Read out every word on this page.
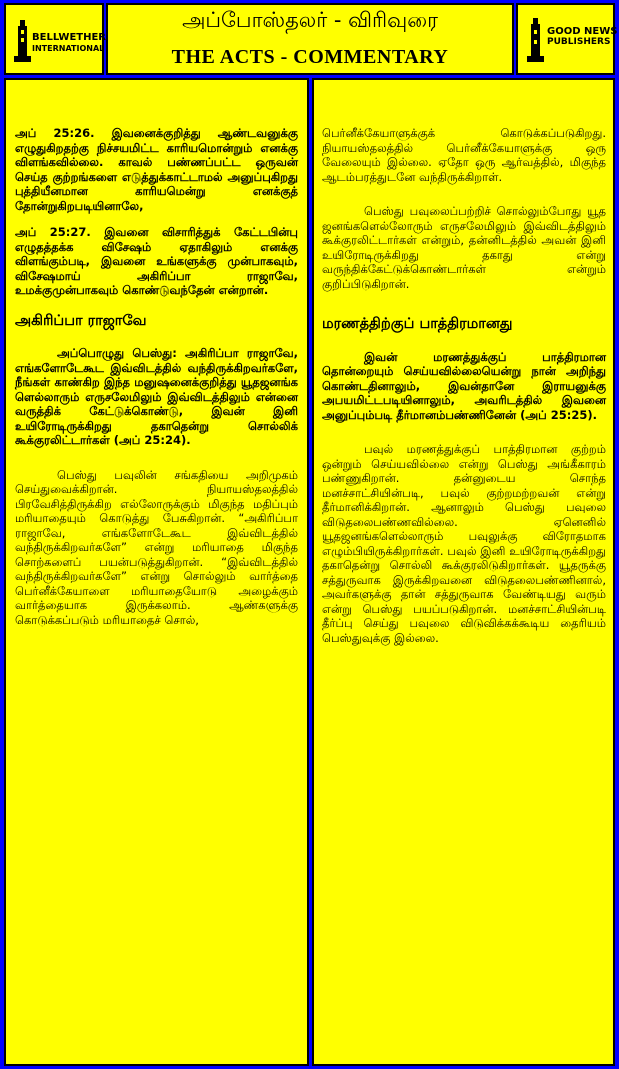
BELLWETHER
INTERNATIONAL
அப்போஸ்தலர் - விரிவுரை
THE ACTS - COMMENTARY
GOOD NEWS
PUBLISHERS

அப் 25:26. இவனைக்குறித்து ஆண்டவனுக்கு எழுதுகிறதற்கு நிச்சயமிட்ட காரியமொன்றும் எனக்கு விளங்கவில்லை. காவல் பண்ணப்பட்ட ஒருவன் செய்த குற்றங்களை எடுத்துக்காட்டாமல் அனுப்புகிறது புத்தியீனமான காரியமென்று எனக்குத் தோன்றுகிறபடியினாலே,

அப் 25:27. இவனை விசாரித்துக் கேட்டபின்பு எழுதத்தக்க விசேஷம் ஏதாகிலும் எனக்கு விளங்கும்படி, இவனை உங்களுக்கு முன்பாகவும், விசேஷமாய் அகிரிப்பா ராஜாவே, உமக்குமுன்பாகவும் கொண்டுவந்தேன் என்றான்.

அகிரிப்பா ராஜாவே

அப்பொழுது பெஸ்து: அகிரிப்பா ராஜாவே, எங்களோடேகூட இவ்விடத்தில் வந்திருக்கிறவர்களே, நீங்கள் காண்கிற இந்த மனுஷனைக்குறித்து யூதஜனங்க ளெல்லாரும் எருசலேமிலும் இவ்விடத்திலும் என்னை வருத்திக் கேட்டுக்கொண்டு, இவன் இனி உயிரோடிருக்கிறது தகாதென்று சொல்லிக் கூக்குரலிட்டார்கள் (அப் 25:24).

பெஸ்து பவுலின் சங்கதியை அறிமுகம் செய்துவைக்கிறான். நியாயஸ்தலத்தில் பிரவேசித்திருக்கிற எல்லோருக்கும் மிகுந்த மதிப்பும் மரியாதையும் கொடுத்து பேசுகிறான். “அகிரிப்பா ராஜாவே, எங்களோடேகூட இவ்விடத்தில் வந்திருக்கிறவர்களே” என்று மரியாதை மிகுந்த சொற்களைப் பயன்படுத்துகிறான். “இவ்விடத்தில் வந்திருக்கிறவர்களே” என்று சொல்லும் வார்த்தை பெர்னீக்கேயாளை மரியாதையோடு அழைக்கும் வார்த்தையாக இருக்கலாம். ஆண்களுக்கு கொடுக்கப்படும் மரியாதைச் சொல்,

பெர்னீக்கேயாளுக்குக் கொடுக்கப்படுகிறது. நியாயஸ்தலத்தில் பெர்னீக்கேயாளுக்கு ஒரு வேலையும் இல்லை. ஏதோ ஒரு ஆர்வத்தில், மிகுந்த ஆடம்பரத்துடனே வந்திருக்கிறாள்.

பெஸ்து பவுலைப்பற்றிச் சொல்லும்போது யூத ஜனங்களெல்லோரும் எருசலேமிலும் இவ்விடத்திலும் கூக்குரலிட்டார்கள் என்றும், தன்னிடத்தில் அவன் இனி உயிரோடிருக்கிறது தகாது என்று வருந்திக்கேட்டுக்கொண்டார்கள் என்றும் குறிப்பிடுகிறான்.

மரணத்திற்குப் பாத்திரமானது

இவன் மரணத்துக்குப் பாத்திரமான தொன்றையும் செய்யவில்லையென்று நான் அறிந்து கொண்டதினாலும், இவன்தானே இராயனுக்கு அபயமிட்டபடியினாலும், அவரிடத்தில் இவனை அனுப்பும்படி தீர்மானம்பண்ணினேன் (அப் 25:25).

பவுல் மரணத்துக்குப் பாத்திரமான குற்றம் ஒன்றும் செய்யவில்லை என்று பெஸ்து அங்கீகாரம் பண்ணுகிறான். தன்னுடைய சொந்த மனச்சாட்சியின்படி, பவுல் குற்றமற்றவன் என்று தீர்மானிக்கிறான். ஆனாலும் பெஸ்து பவுலை விடுதலைபண்ணவில்லை. ஏனெனில் யூதஜனங்களெல்லாரும் பவுலுக்கு விரோதமாக எழும்பியிருக்கிறார்கள். பவுல் இனி உயிரோடிருக்கிறது தகாதென்று சொல்லி கூக்குரலிடுகிறார்கள். யூதருக்கு சத்துருவாக இருக்கிறவனை விடுதலைபண்ணினால், அவர்களுக்கு தான் சத்துருவாக வேண்டியது வரும் என்று பெஸ்து பயப்படுகிறான். மனச்சாட்சியின்படி தீர்ப்பு செய்து பவுலை விடுவிக்கக்கூடிய தைரியம் பெஸ்துவுக்கு இல்லை.
